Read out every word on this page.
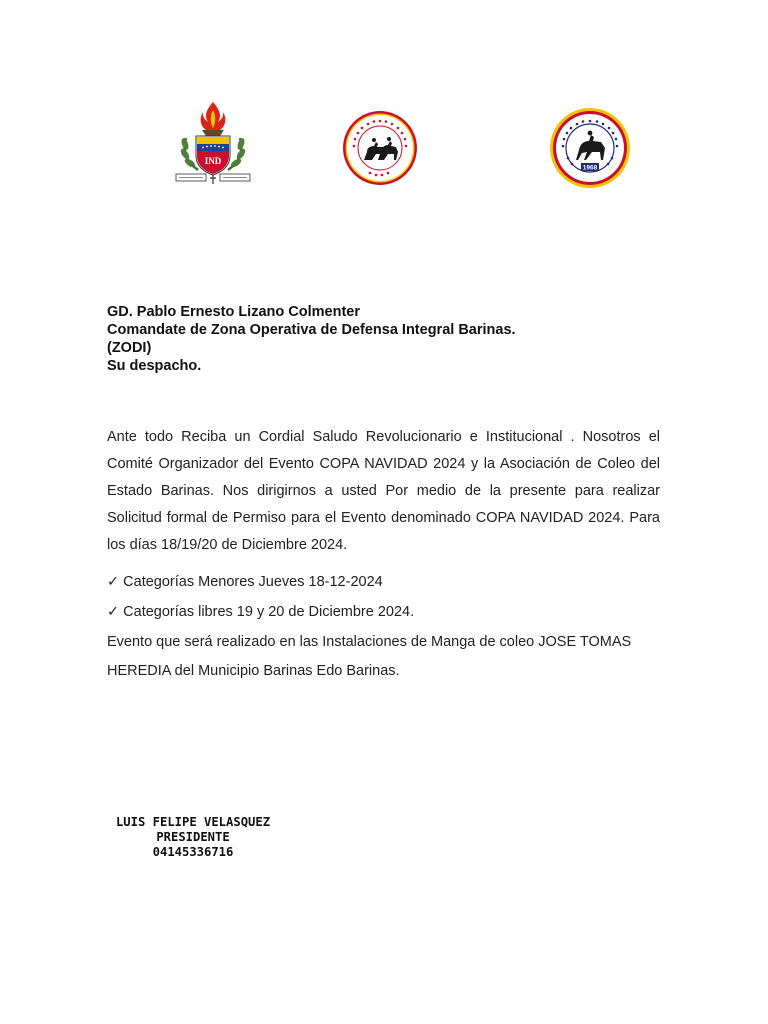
IND
1968
GD. Pablo Ernesto Lizano Colmenter
Comandate de Zona Operativa de Defensa Integral Barinas.
(ZODI)
Su despacho.
Ante todo Reciba un Cordial Saludo Revolucionario e Institucional . Nosotros el Comité Organizador del Evento COPA NAVIDAD 2024 y la Asociación de Coleo del Estado Barinas. Nos dirigirnos a usted Por medio de la presente para realizar Solicitud formal de Permiso para el Evento denominado COPA NAVIDAD 2024. Para los días 18/19/20 de Diciembre 2024.
✓ Categorías Menores Jueves 18-12-2024
✓ Categorías libres 19 y 20 de Diciembre 2024.
Evento que será realizado en las Instalaciones de Manga de coleo JOSE TOMAS
HEREDIA del Municipio Barinas Edo Barinas.
LUIS FELIPE VELASQUEZ
PRESIDENTE
04145336716
